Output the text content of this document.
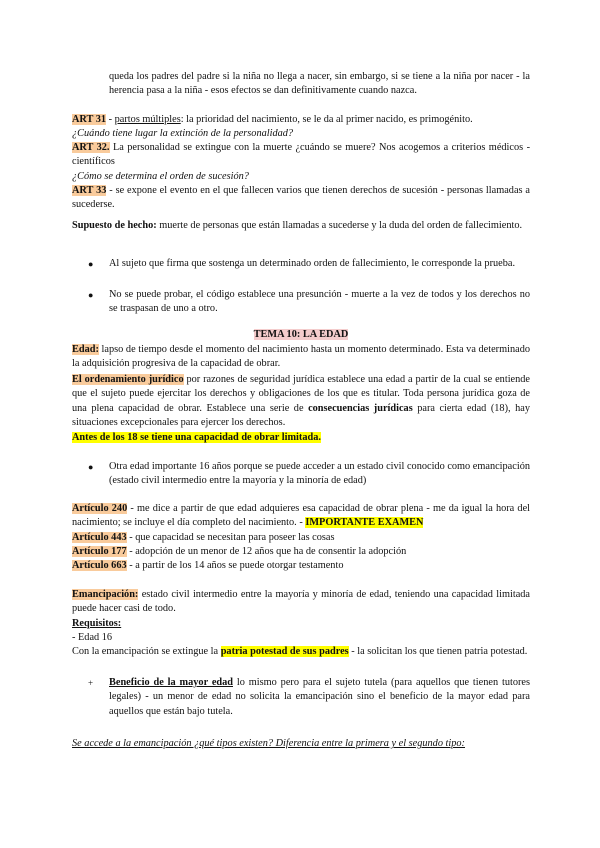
queda los padres del padre si la niña no llega a nacer, sin embargo, si se tiene a la niña por nacer - la herencia pasa a la niña - esos efectos se dan definitivamente cuando nazca.

ART 31 - partos múltiples: la prioridad del nacimiento, se le da al primer nacido, es primogénito.

¿Cuándo tiene lugar la extinción de la personalidad?

ART 32. La personalidad se extingue con la muerte ¿cuándo se muere? Nos acogemos a criterios médicos - científicos

¿Cómo se determina el orden de sucesión?

ART 33 - se expone el evento en el que fallecen varios que tienen derechos de sucesión - personas llamadas a sucederse.

Supuesto de hecho: muerte de personas que están llamadas a sucederse y la duda del orden de fallecimiento.

●	Al sujeto que firma que sostenga un determinado orden de fallecimiento, le corresponde la prueba.

●	No se puede probar, el código establece una presunción - muerte a la vez de todos y los derechos no se traspasan de uno a otro.

TEMA 10: LA EDAD

Edad: lapso de tiempo desde el momento del nacimiento hasta un momento determinado. Esta va determinado la adquisición progresiva de la capacidad de obrar.

El ordenamiento jurídico por razones de seguridad jurídica establece una edad a partir de la cual se entiende que el sujeto puede ejercitar los derechos y obligaciones de los que es titular. Toda persona jurídica goza de una plena capacidad de obrar. Establece una serie de consecuencias jurídicas para cierta edad (18), hay situaciones excepcionales para ejercer los derechos.

Antes de los 18 se tiene una capacidad de obrar limitada.

●	Otra edad importante 16 años porque se puede acceder a un estado civil conocido como emancipación (estado civil intermedio entre la mayoría y la minoría de edad)

Artículo 240 - me dice a partir de que edad adquieres esa capacidad de obrar plena - me da igual la hora del nacimiento; se incluye el día completo del nacimiento. - IMPORTANTE EXAMEN

Artículo 443 - que capacidad se necesitan para poseer las cosas

Artículo 177 - adopción de un menor de 12 años que ha de consentir la adopción

Artículo 663 - a partir de los 14 años se puede otorgar testamento

Emancipación: estado civil intermedio entre la mayoría y minoría de edad, teniendo una capacidad limitada puede hacer casi de todo.

Requisitos:

- Edad 16

Con la emancipación se extingue la patria potestad de sus padres - la solicitan los que tienen patria potestad.

+	Beneficio de la mayor edad lo mismo pero para el sujeto tutela (para aquellos que tienen tutores legales) - un menor de edad no solicita la emancipación sino el beneficio de la mayor edad para aquellos que están bajo tutela.

Se accede a la emancipación ¿qué tipos existen? Diferencia entre la primera y el segundo tipo:
